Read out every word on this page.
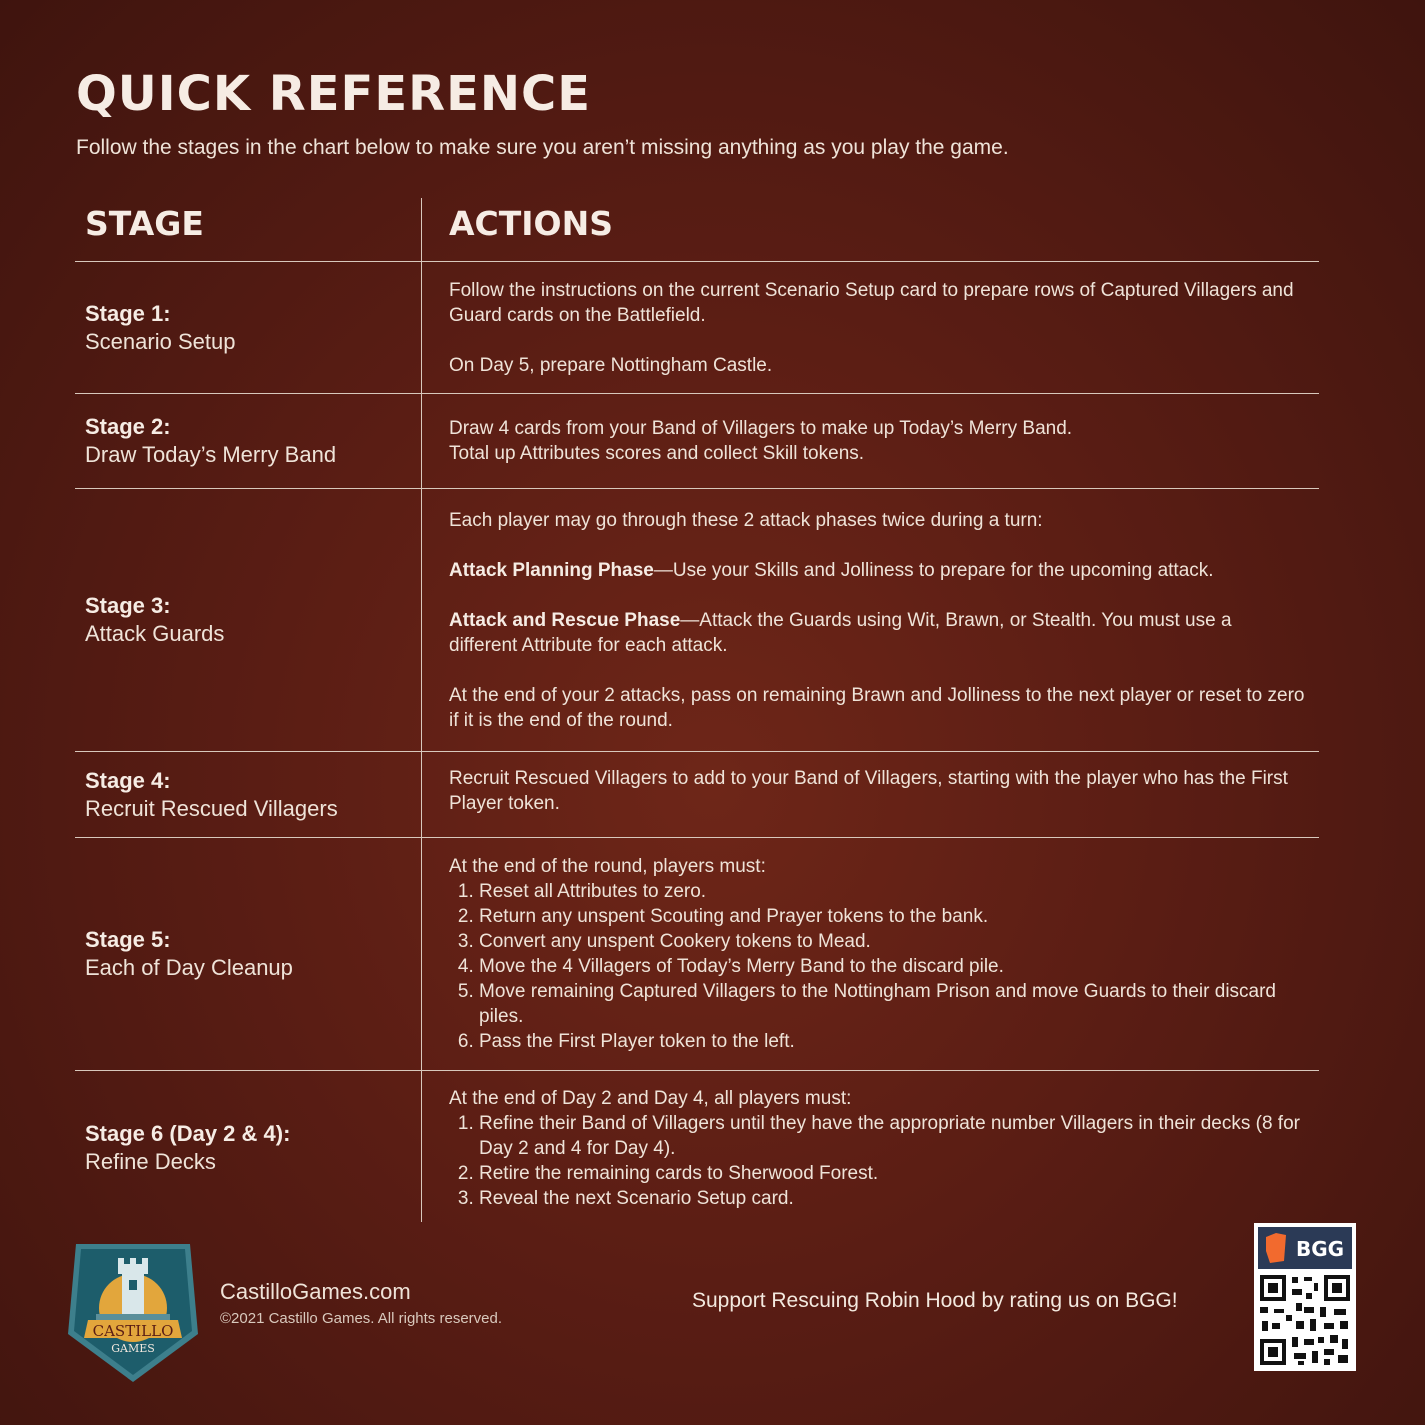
QUICK REFERENCE

Follow the stages in the chart below to make sure you aren’t missing anything as you play the game.

STAGE	ACTIONS
Stage 1:
Scenario Setup

Follow the instructions on the current Scenario Setup card to prepare rows of Captured Villagers and Guard cards on the Battlefield.

On Day 5, prepare Nottingham Castle.

Stage 2:
Draw Today’s Merry Band

Draw 4 cards from your Band of Villagers to make up Today’s Merry Band.

Total up Attributes scores and collect Skill tokens.

Stage 3:
Attack Guards

Each player may go through these 2 attack phases twice during a turn:

Attack Planning Phase—Use your Skills and Jolliness to prepare for the upcoming attack.

Attack and Rescue Phase—Attack the Guards using Wit, Brawn, or Stealth. You must use a different Attribute for each attack.

At the end of your 2 attacks, pass on remaining Brawn and Jolliness to the next player or reset to zero if it is the end of the round.

Stage 4:
Recruit Rescued Villagers

Recruit Rescued Villagers to add to your Band of Villagers, starting with the player who has the First Player token.

Stage 5:
Each of Day Cleanup

At the end of the round, players must:

1. Reset all Attributes to zero.
2. Return any unspent Scouting and Prayer tokens to the bank.
3. Convert any unspent Cookery tokens to Mead.
4. Move the 4 Villagers of Today’s Merry Band to the discard pile.
5. Move remaining Captured Villagers to the Nottingham Prison and move Guards to their discard piles.
6. Pass the First Player token to the left.
Stage 6 (Day 2 & 4):
Refine Decks

At the end of Day 2 and Day 4, all players must:

1. Refine their Band of Villagers until they have the appropriate number Villagers in their decks (8 for Day 2 and 4 for Day 4).
2. Retire the remaining cards to Sherwood Forest.
3. Reveal the next Scenario Setup card.
CASTILLO
GAMES

CastilloGames.com

©2021 Castillo Games. All rights reserved.

Support Rescuing Robin Hood by rating us on BGG!

BGG
